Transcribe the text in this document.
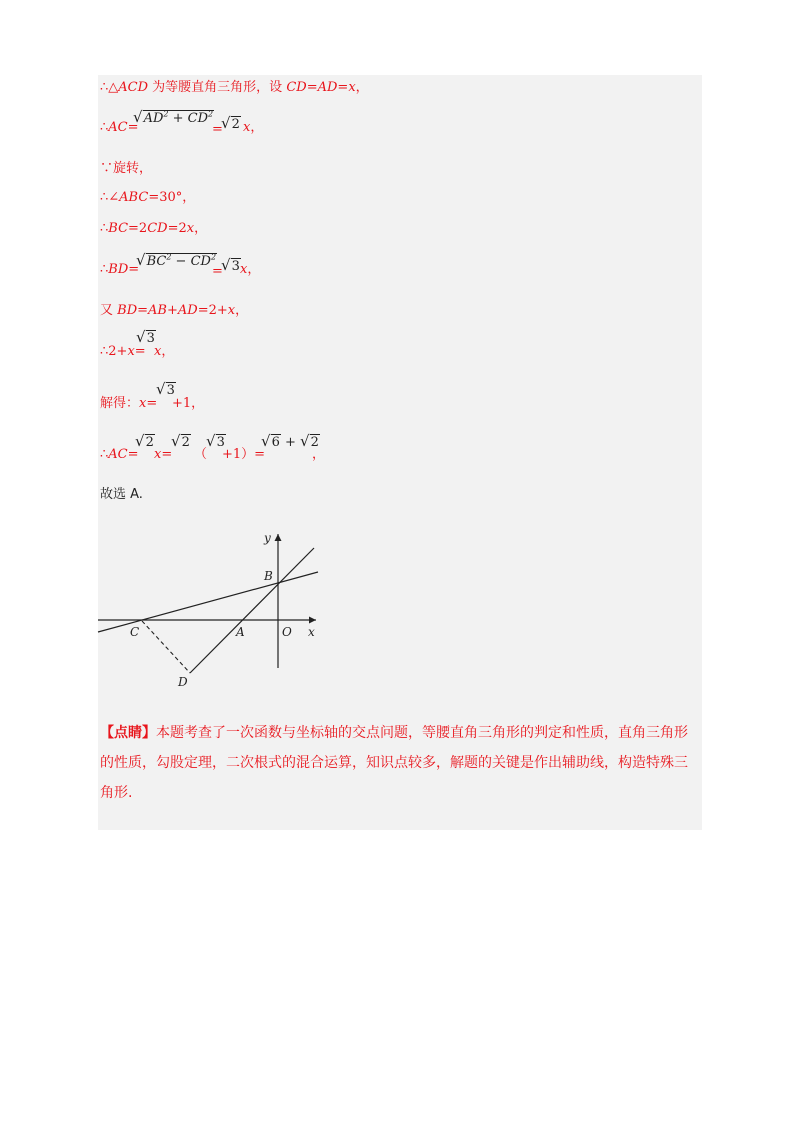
∴△ACD 为等腰直角三角形，设 CD=AD=x，
∴AC=
$√AD^2 + CD^2$
=
√2 x，
∵旋转，
∴∠ABC=30°，
∴BC=2CD=2x，
∴BD=
$√BC^2 - CD^2$
=
√3 x，
又 BD=AB+AD=2+x，
∴2+x=
√3
x，
解得：x=
√3
+1，
∴AC=
√2
x=
√2
（
√3
+1）=
√6 + √2
，
故选 A.
y
x
B
C	A	O
D
【点睛】本题考查了一次函数与坐标轴的交点问题，等腰直角三角形的判定和性质，直角三角形的性质，勾股定理，二次根式的混合运算，知识点较多，解题的关键是作出辅助线，构造特殊三角形.
